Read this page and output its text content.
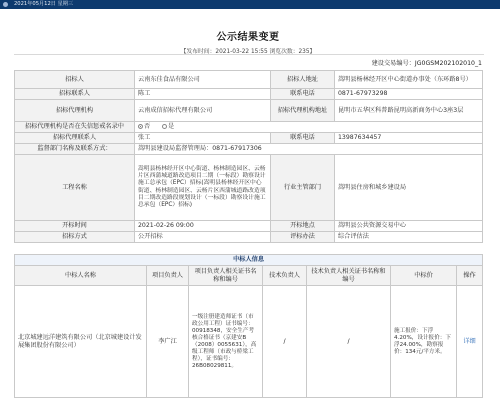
2021年05月12日 星期三
公示结果变更
【发布时间：2021-03-22 15:55 浏览次数：235】
建设交易编号：JG0GSM202102010_1
招标人	云南东佳食品有限公司	招标人地址	嵩明县杨林经开区中心街道办事处（东环路8号）
招标联系人	陈工	联系电话	0871-67973298
招标代理机构	云南成信招标代理有限公司	招标代理机构地址	昆明市五华区科普路昆明高新商务中心3座3层
招标代理机构是否在失信惩戒名录中	否 是		
招标代理联系人	张工	联系电话	13987634457
监督部门名称及联系方式：	嵩明县建设局监督管理局：0871-67917306		
工程名称	嵩明县杨林经开区中心街道、杨林制造园区、云杨片区西蒲城道路改造项目二期（一标段）勘察设计施工总承包（EPC）招标(嵩明县杨林经开区中心街道、杨林制造园区、云杨片区西蒲城道路改造项目二期改造路段规划设计（一标段）勘察设计施工总承包（EPC）招标)	行业主管部门	嵩明县住房和城乡建设局
开标时间	2021-02-26 09:00	开标地点	嵩明县公共资源交易中心
招标方式	公开招标	评标办法	综合评估法
中标人信息						
中标人名称	项目负责人	项目负责人相关证书名称和编号	技术负责人	技术负责人相关证书名称和编号	中标价	操作
北京城建远洋建筑有限公司（北京城建设计发展集团股份有限公司）	李广江	一级注册建造师证书（市政公用工程）证书编号：00918348，安全生产考核合格证书（京建安B（2008）0055631），高级工程师（市政与桥梁工程），证书编号：26B08029811。	/	/	施工报价：下浮4.20%，设计报价：下浮24.00%，勘察报价：134元/平方米。	详细
